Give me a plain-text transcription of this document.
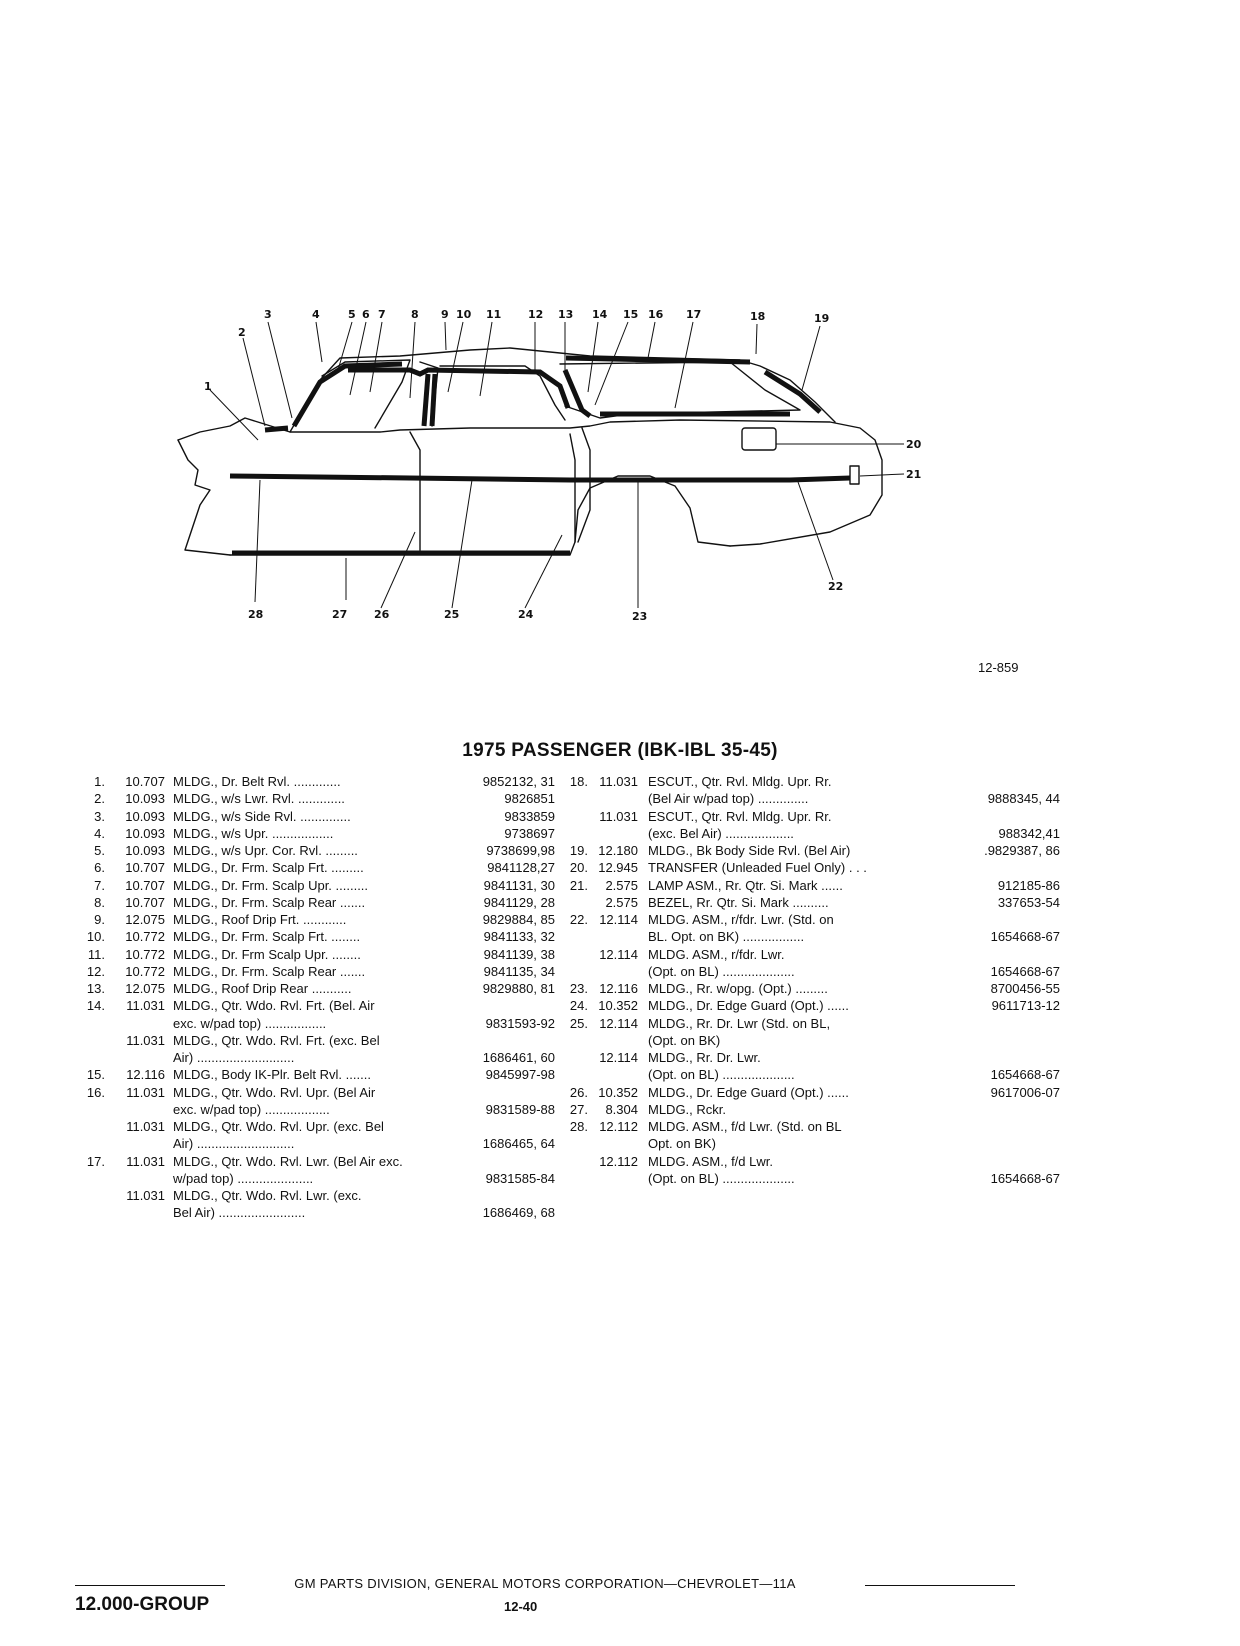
1
2
3	4	5 6 7 8 9 10 11 12 13 14 15 16 17	18	19
20
21
22
23
24
25
26
27
28
12-859
1975 PASSENGER (IBK-IBL 35-45)
1.	10.707 MLDG., Dr. Belt Rvl. .............	9852132, 31
2.	10.093 MLDG., w/s Lwr. Rvl. .............	9826851
3.	10.093 MLDG., w/s Side Rvl. ..............	9833859
4.	10.093 MLDG., w/s Upr. .................	9738697
5.	10.093 MLDG., w/s Upr. Cor. Rvl. .........	9738699,98
6.	10.707 MLDG., Dr. Frm. Scalp Frt. .........	9841128,27
7.	10.707 MLDG., Dr. Frm. Scalp Upr. .........	9841131, 30
8.	10.707 MLDG., Dr. Frm. Scalp Rear .......	9841129, 28
9.	12.075 MLDG., Roof Drip Frt. ............	9829884, 85
10.	10.772 MLDG., Dr. Frm. Scalp Frt. ........	9841133, 32
11.	10.772 MLDG., Dr. Frm Scalp Upr. ........	9841139, 38
12.	10.772 MLDG., Dr. Frm. Scalp Rear .......	9841135, 34
13.	12.075 MLDG., Roof Drip Rear ...........	9829880, 81
14.	11.031 MLDG., Qtr. Wdo. Rvl. Frt. (Bel. Air
exc. w/pad top) .................	9831593-92
11.031 MLDG., Qtr. Wdo. Rvl. Frt. (exc. Bel
Air) ...........................	1686461, 60
15.	12.116 MLDG., Body IK-Plr. Belt Rvl. .......	9845997-98
16.	11.031 MLDG., Qtr. Wdo. Rvl. Upr. (Bel Air
exc. w/pad top) ..................	9831589-88
11.031 MLDG., Qtr. Wdo. Rvl. Upr. (exc. Bel
Air) ...........................	1686465, 64
17.	11.031 MLDG., Qtr. Wdo. Rvl. Lwr. (Bel Air exc.
w/pad top) .....................	9831585-84
11.031 MLDG., Qtr. Wdo. Rvl. Lwr. (exc.
Bel Air) ........................	1686469, 68
18. 11.031 ESCUT., Qtr. Rvl. Mldg. Upr. Rr.
(Bel Air w/pad top) ..............	9888345, 44
11.031 ESCUT., Qtr. Rvl. Mldg. Upr. Rr.
(exc. Bel Air) ...................	988342,41
19. 12.180 MLDG., Bk Body Side Rvl. (Bel Air)	.9829387, 86
20. 12.945 TRANSFER (Unleaded Fuel Only) . . .
21.	2.575 LAMP ASM., Rr. Qtr. Si. Mark ......	912185-86
2.575 BEZEL, Rr. Qtr. Si. Mark ..........	337653-54
22. 12.114 MLDG. ASM., r/fdr. Lwr. (Std. on
BL. Opt. on BK) .................	1654668-67
12.114 MLDG. ASM., r/fdr. Lwr.
(Opt. on BL) ....................	1654668-67
23. 12.116 MLDG., Rr. w/opg. (Opt.) .........	8700456-55
24. 10.352 MLDG., Dr. Edge Guard (Opt.) ......	9611713-12
25. 12.114 MLDG., Rr. Dr. Lwr (Std. on BL,
(Opt. on BK)
12.114 MLDG., Rr. Dr. Lwr.
(Opt. on BL) ....................	1654668-67
26. 10.352 MLDG., Dr. Edge Guard (Opt.) ......	9617006-07
27.	8.304 MLDG., Rckr.
28. 12.112 MLDG. ASM., f/d Lwr. (Std. on BL
Opt. on BK)
12.112 MLDG. ASM., f/d Lwr.
(Opt. on BL) ....................	1654668-67
GM PARTS DIVISION, GENERAL MOTORS CORPORATION—CHEVROLET—11A
12.000-GROUP	12-40
